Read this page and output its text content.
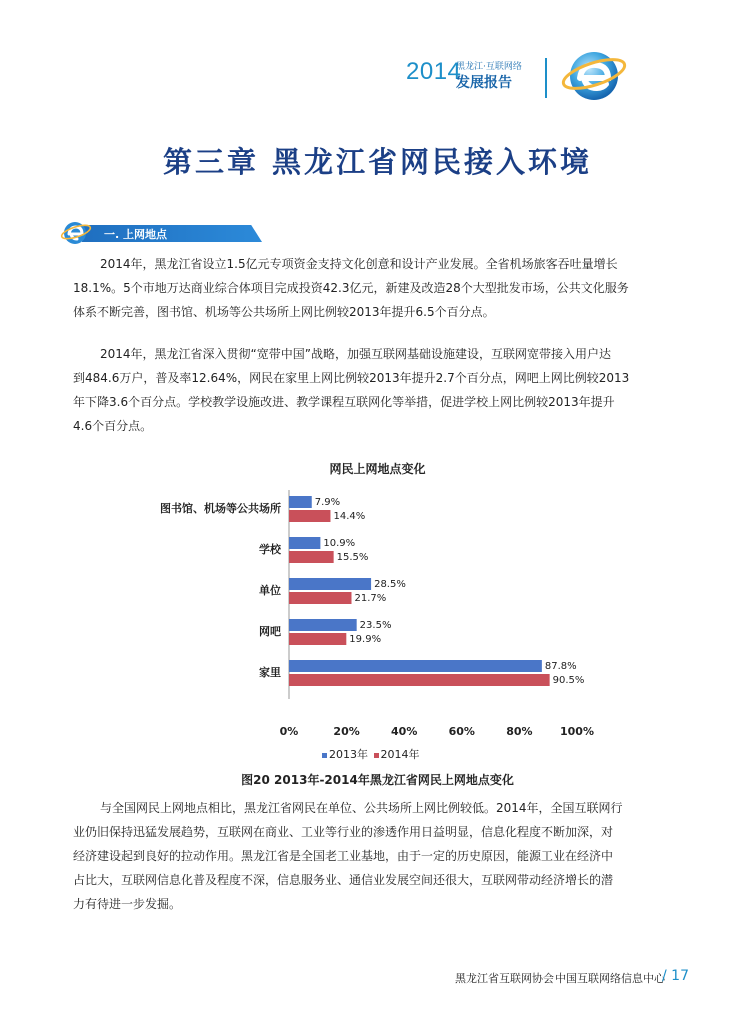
2014
黑龙江·互联网络
发展报告
第三章 黑龙江省网民接入环境
一. 上网地点
2014年，黑龙江省设立1.5亿元专项资金支持文化创意和设计产业发展。全省机场旅客吞吐量增长
18.1%。5个市地万达商业综合体项目完成投资42.3亿元，新建及改造28个大型批发市场，公共文化服务
体系不断完善，图书馆、机场等公共场所上网比例较2013年提升6.5个百分点。
2014年，黑龙江省深入贯彻“宽带中国”战略，加强互联网基础设施建设，互联网宽带接入用户达
到484.6万户，普及率12.64%，网民在家里上网比例较2013年提升2.7个百分点，网吧上网比例较2013
年下降3.6个百分点。学校教学设施改进、教学课程互联网化等举措，促进学校上网比例较2013年提升
4.6个百分点。
网民上网地点变化
图书馆、机场等公共场所	7.9%
14.4%
学校	10.9%
15.5%
单位	28.5%
21.7%
网吧	23.5%
19.9%
家里	87.8%
90.5%
0%	20%	40%	60%	80% 100%
2013年 2014年
图20 2013年-2014年黑龙江省网民上网地点变化
与全国网民上网地点相比，黑龙江省网民在单位、公共场所上网比例较低。2014年，全国互联网行
业仍旧保持迅猛发展趋势，互联网在商业、工业等行业的渗透作用日益明显，信息化程度不断加深，对
经济建设起到良好的拉动作用。黑龙江省是全国老工业基地，由于一定的历史原因，能源工业在经济中
占比大，互联网信息化普及程度不深，信息服务业、通信业发展空间还很大，互联网带动经济增长的潜
力有待进一步发掘。
黑龙江省互联网协会 中国互联网络信息中心
/ 17
